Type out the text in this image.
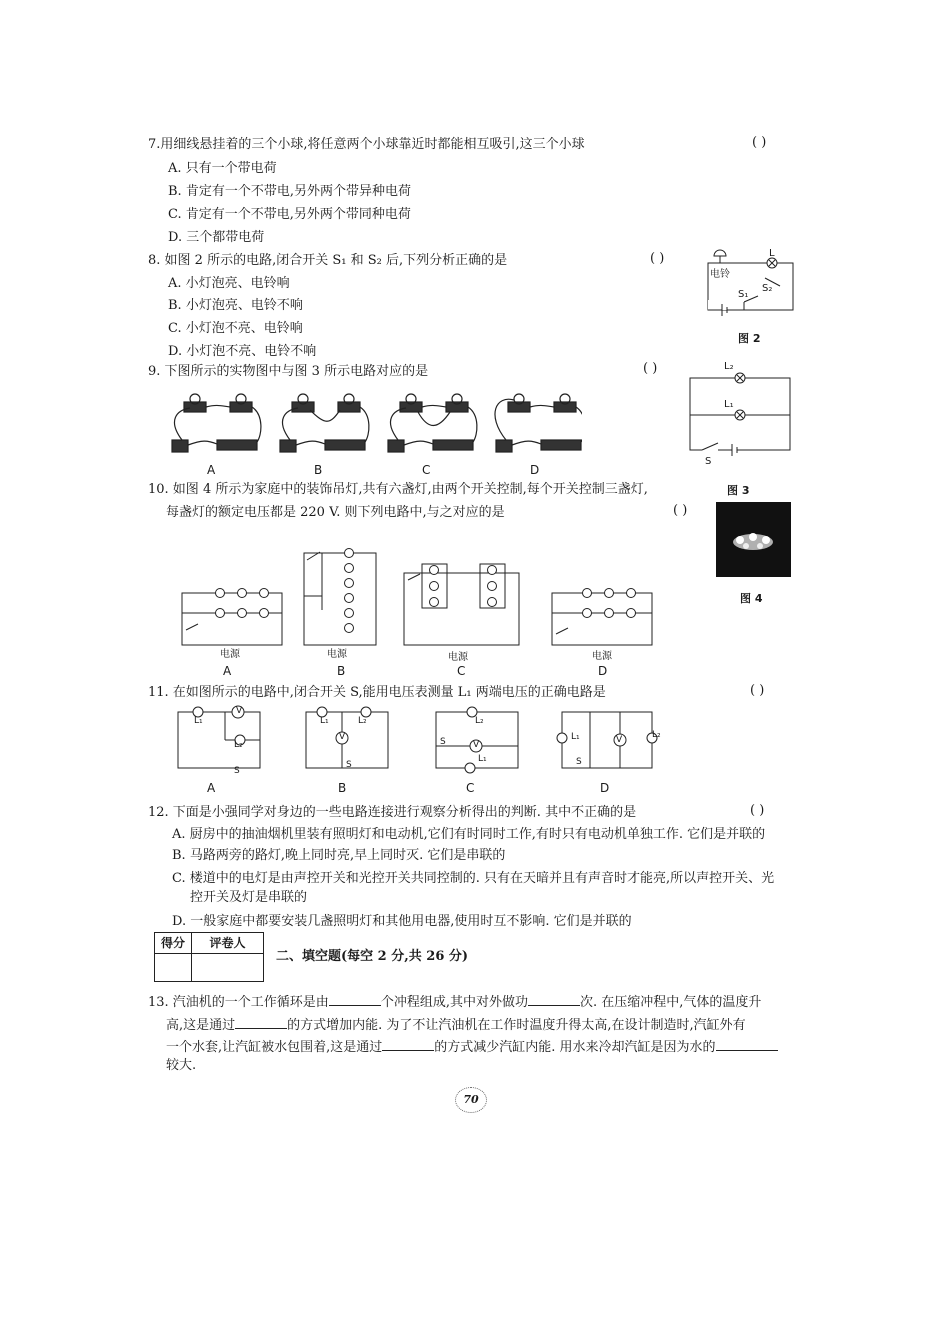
7.用细线悬挂着的三个小球,将任意两个小球靠近时都能相互吸引,这三个小球	( )
A. 只有一个带电荷
B. 肯定有一个不带电,另外两个带异种电荷
C. 肯定有一个不带电,另外两个带同种电荷
D. 三个都带电荷
8. 如图 2 所示的电路,闭合开关 S₁ 和 S₂ 后,下列分析正确的是	( )
A. 小灯泡亮、电铃响
B. 小灯泡亮、电铃不响
C. 小灯泡不亮、电铃响
D. 小灯泡不亮、电铃不响
电铃
L
S₁
S₂
图 2
9. 下图所示的实物图中与图 3 所示电路对应的是	( )
A	B	C	D
L₂
L₁
S
图 3
10. 如图 4 所示为家庭中的装饰吊灯,共有六盏灯,由两个开关控制,每个开关控制三盏灯,
每盏灯的额定电压都是 220 V. 则下列电路中,与之对应的是	( )
图 4
电源	电源	电源	电源
A	B	C	D
11. 在如图所示的电路中,闭合开关 S,能用电压表测量 L₁ 两端电压的正确电路是	( )
L₁
L₂
S
V
L₁	L₂
V
S
L₂
S	V
L₁
L₁	V	L₂
S
A	B	C	D
12. 下面是小强同学对身边的一些电路连接进行观察分析得出的判断. 其中不正确的是	( )
A. 厨房中的抽油烟机里装有照明灯和电动机,它们有时同时工作,有时只有电动机单独工作. 它们是并联的
B. 马路两旁的路灯,晚上同时亮,早上同时灭. 它们是串联的
C. 楼道中的电灯是由声控开关和光控开关共同控制的. 只有在天暗并且有声音时才能亮,所以声控开关、光
控开关及灯是串联的
D. 一般家庭中都要安装几盏照明灯和其他用电器,使用时互不影响. 它们是并联的
得分	评卷人
二、填空题(每空 2 分,共 26 分)
13. 汽油机的一个工作循环是由	个冲程组成,其中对外做功	次. 在压缩冲程中,气体的温度升
高,这是通过	的方式增加内能. 为了不让汽油机在工作时温度升得太高,在设计制造时,汽缸外有
一个水套,让汽缸被水包围着,这是通过	的方式减少汽缸内能. 用水来冷却汽缸是因为水的
较大.
70
